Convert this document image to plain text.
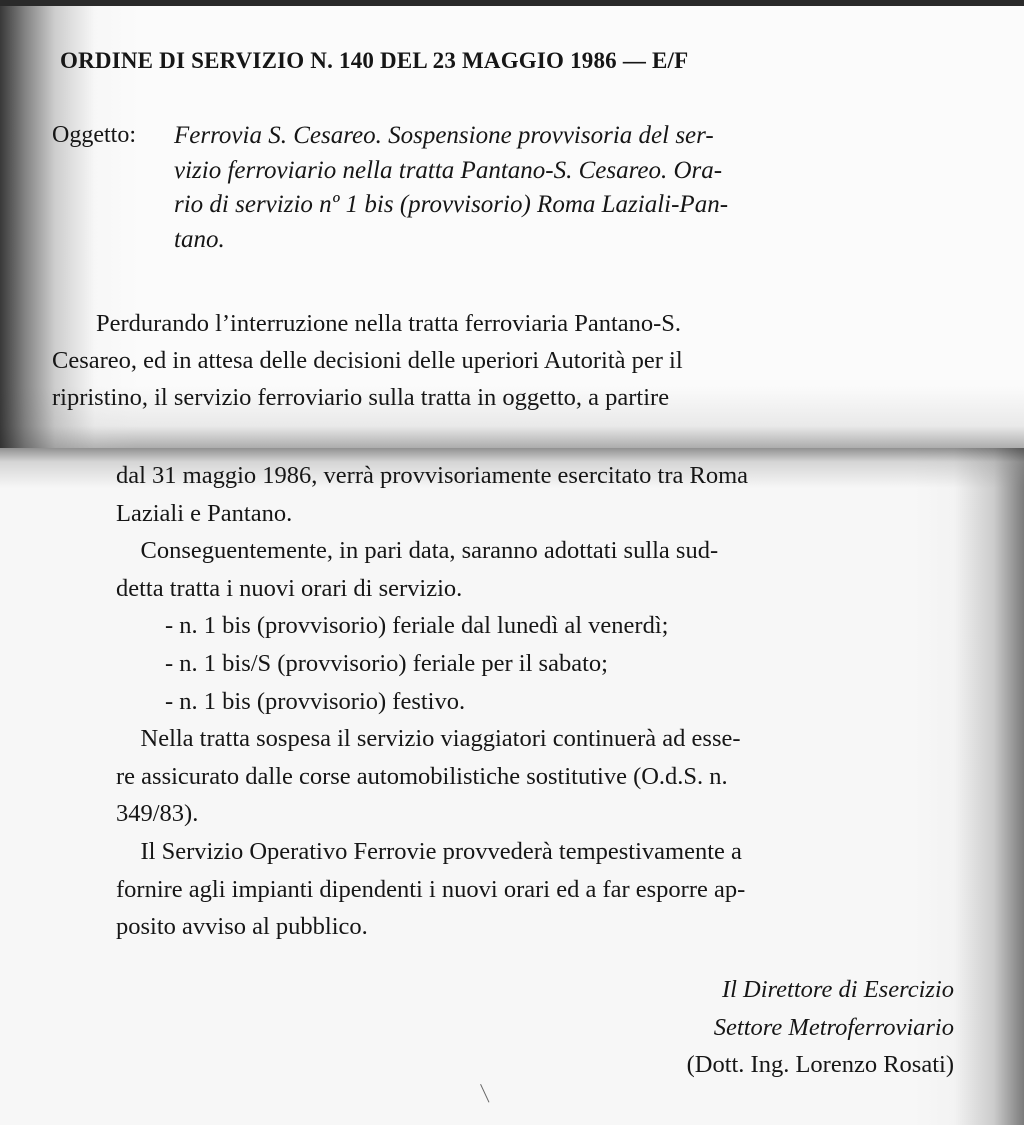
ORDINE DI SERVIZIO N. 140 DEL 23 MAGGIO 1986 — E/F
Oggetto: Ferrovia S. Cesareo. Sospensione provvisoria del ser-
vizio ferroviario nella tratta Pantano-S. Cesareo. Ora-
rio di servizio nº 1 bis (provvisorio) Roma Laziali-Pan-
tano.
Perdurando l’interruzione nella tratta ferroviaria Pantano-S.
Cesareo, ed in attesa delle decisioni delle uperiori Autorità per il
ripristino, il servizio ferroviario sulla tratta in oggetto, a partire
dal 31 maggio 1986, verrà provvisoriamente esercitato tra Roma
Laziali e Pantano.
Conseguentemente, in pari data, saranno adottati sulla sud-
detta tratta i nuovi orari di servizio.
- n. 1 bis (provvisorio) feriale dal lunedì al venerdì;
- n. 1 bis/S (provvisorio) feriale per il sabato;
- n. 1 bis (provvisorio) festivo.
Nella tratta sospesa il servizio viaggiatori continuerà ad esse-
re assicurato dalle corse automobilistiche sostitutive (O.d.S. n.
349/83).
Il Servizio Operativo Ferrovie provvederà tempestivamente a
fornire agli impianti dipendenti i nuovi orari ed a far esporre ap-
posito avviso al pubblico.
Il Direttore di Esercizio
Settore Metroferroviario
(Dott. Ing. Lorenzo Rosati)
